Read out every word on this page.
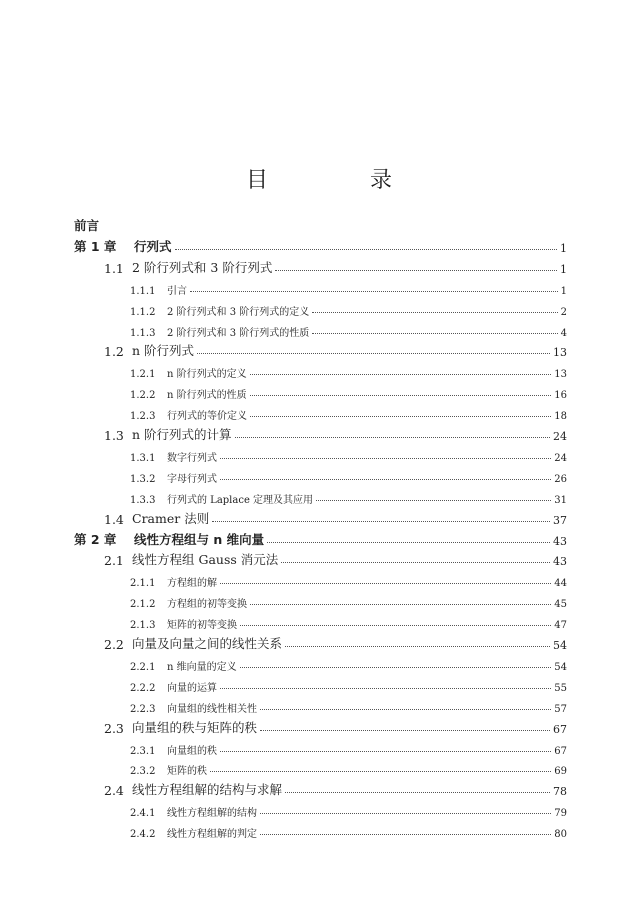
目　录
前言
第 1 章	行列式	1
1.1 2 阶行列式和 3 阶行列式	1
1.1.1	引言	1
1.1.2	2 阶行列式和 3 阶行列式的定义	2
1.1.3	2 阶行列式和 3 阶行列式的性质	4
1.2 n 阶行列式	13
1.2.1	n 阶行列式的定义	13
1.2.2	n 阶行列式的性质	16
1.2.3	行列式的等价定义	18
1.3 n 阶行列式的计算	24
1.3.1	数字行列式	24
1.3.2	字母行列式	26
1.3.3	行列式的 Laplace 定理及其应用	31
1.4 Cramer 法则	37
第 2 章	线性方程组与 n 维向量	43
2.1 线性方程组 Gauss 消元法	43
2.1.1	方程组的解	44
2.1.2	方程组的初等变换	45
2.1.3	矩阵的初等变换	47
2.2 向量及向量之间的线性关系	54
2.2.1	n 维向量的定义	54
2.2.2	向量的运算	55
2.2.3	向量组的线性相关性	57
2.3 向量组的秩与矩阵的秩	67
2.3.1	向量组的秩	67
2.3.2	矩阵的秩	69
2.4 线性方程组解的结构与求解	78
2.4.1	线性方程组解的结构	79
2.4.2	线性方程组解的判定	80
